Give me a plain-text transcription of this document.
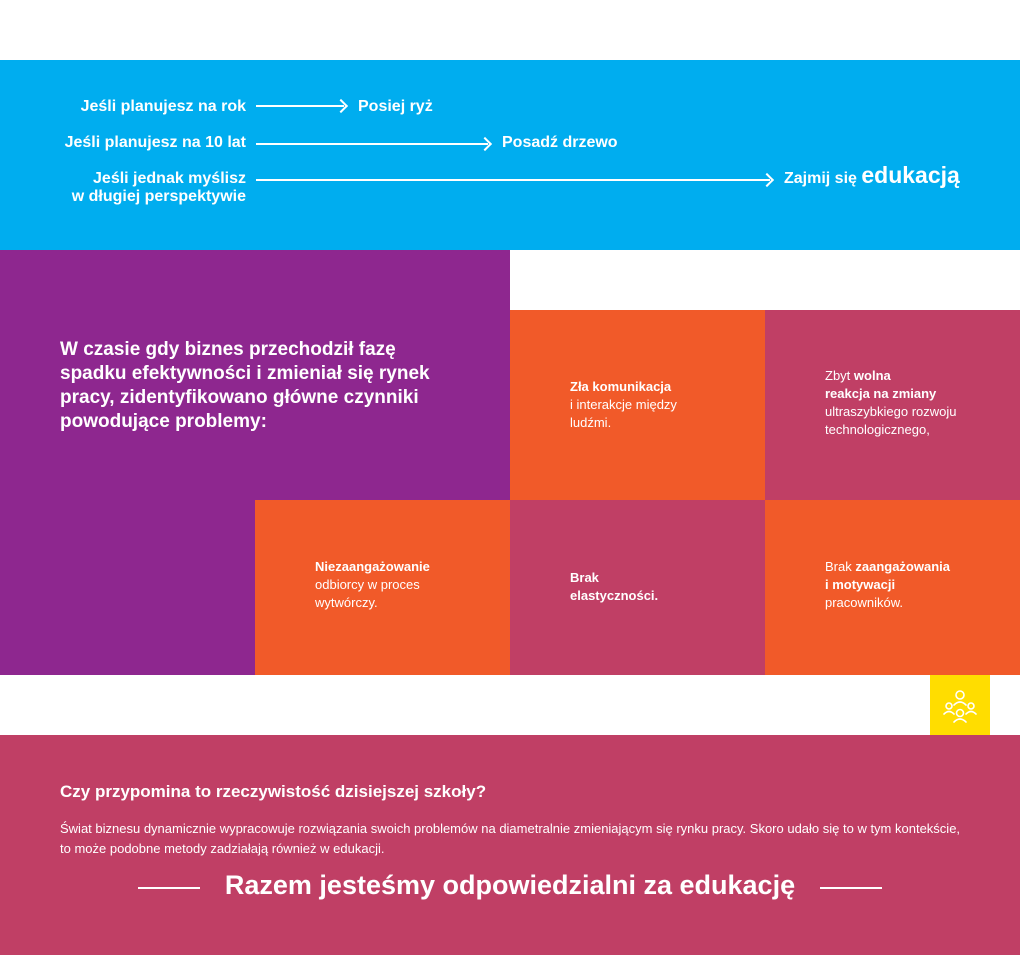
Jeśli planujesz na rok	Posiej ryż
Jeśli planujesz na 10 lat	Posadź drzewo
Jeśli jednak myślisz
w długiej perspektywie
Zajmij się edukacją
W czasie gdy biznes przechodził fazę spadku efektywności i zmieniał się rynek pracy, zidentyfikowano główne czynniki powodujące problemy:
Zła komunikacja
i interakcje między
ludźmi.
Zbyt wolna
reakcja na zmiany
ultraszybkiego rozwoju
technologicznego,
Niezaangażowanie
odbiorcy w proces
wytwórczy.
Brak
elastyczności.
Brak zaangażowania
i motywacji
pracowników.
Czy przypomina to rzeczywistość dzisiejszej szkoły?
Świat biznesu dynamicznie wypracowuje rozwiązania swoich problemów na diametralnie zmieniającym się rynku pracy. Skoro udało się to w tym kontekście, to może podobne metody zadziałają również w edukacji.
Razem jesteśmy odpowiedzialni za edukację
